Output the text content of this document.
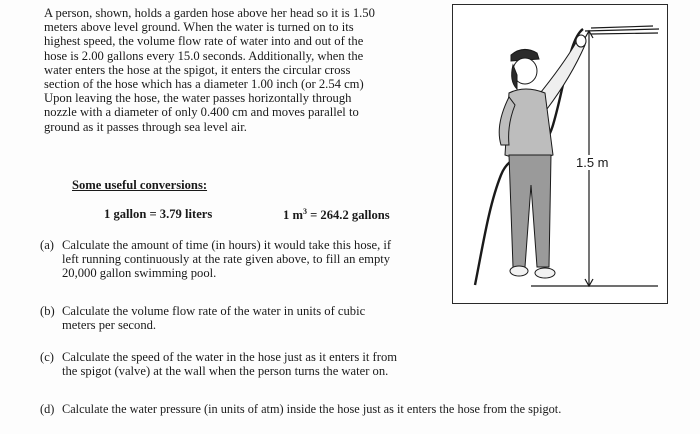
A person, shown, holds a garden hose above her head so it is 1.50
meters above level ground. When the water is turned on to its
highest speed, the volume flow rate of water into and out of the
hose is 2.00 gallons every 15.0 seconds. Additionally, when the
water enters the hose at the spigot, it enters the circular cross
section of the hose which has a diameter 1.00 inch (or 2.54 cm)
Upon leaving the hose, the water passes horizontally through
nozzle with a diameter of only 0.400 cm and moves parallel to
ground as it passes through sea level air.
Some useful conversions:
1 gallon = 3.79 liters	1 $m^3 = 264.2$ gallons
(a) Calculate the amount of time (in hours) it would take this hose, if
left running continuously at the rate given above, to fill an empty
20,000 gallon swimming pool.
(b) Calculate the volume flow rate of the water in units of cubic
meters per second.
(c) Calculate the speed of the water in the hose just as it enters it from
the spigot (valve) at the wall when the person turns the water on.
(d) Calculate the water pressure (in units of atm) inside the hose just as it enters the hose from the spigot.
1.5 m
